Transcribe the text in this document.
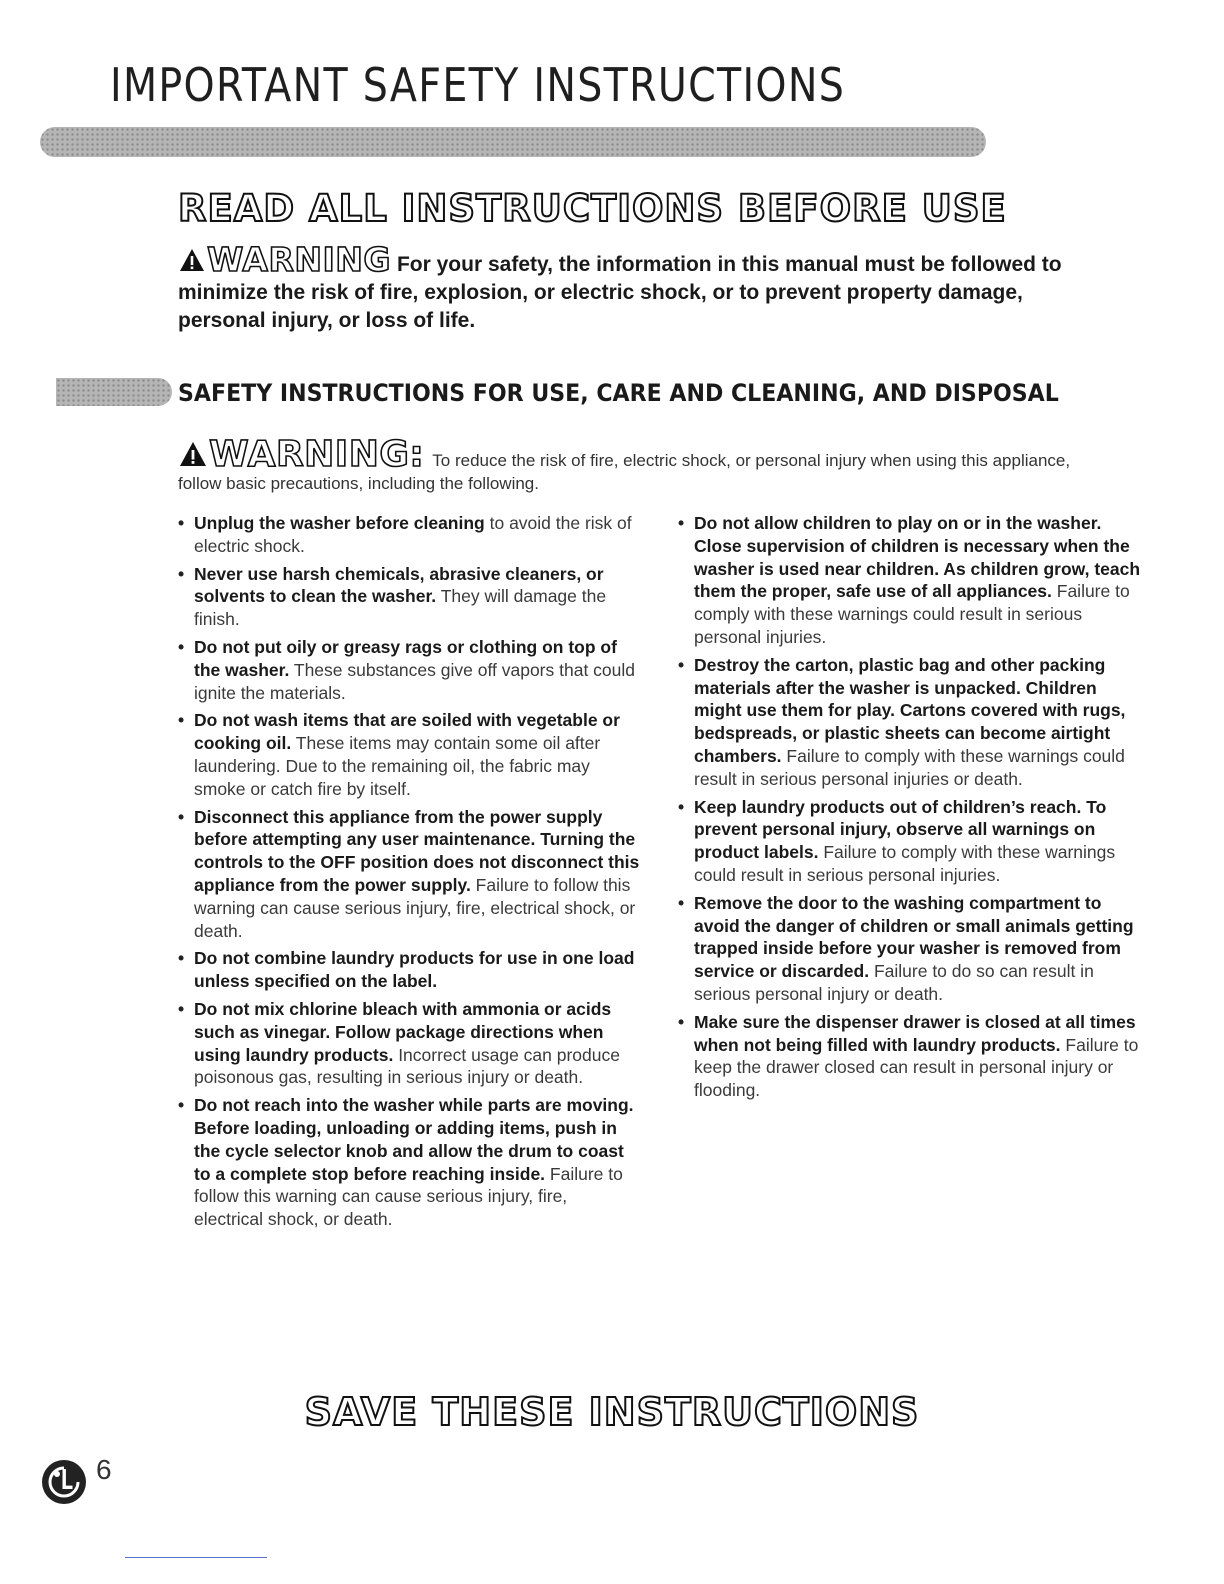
IMPORTANT SAFETY INSTRUCTIONS
READ ALL INSTRUCTIONS BEFORE USE

WARNING For your safety, the information in this manual must be followed to minimize the risk of fire, explosion, or electric shock, or to prevent property damage, personal injury, or loss of life.

SAFETY INSTRUCTIONS FOR USE, CARE AND CLEANING, AND DISPOSAL

WARNING: To reduce the risk of fire, electric shock, or personal injury when using this appliance, follow basic precautions, including the following.

• Unplug the washer before cleaning to avoid the risk of electric shock.
• Never use harsh chemicals, abrasive cleaners, or solvents to clean the washer. They will damage the finish.
• Do not put oily or greasy rags or clothing on top of the washer. These substances give off vapors that could ignite the materials.
• Do not wash items that are soiled with vegetable or cooking oil. These items may contain some oil after laundering. Due to the remaining oil, the fabric may smoke or catch fire by itself.
• Disconnect this appliance from the power supply before attempting any user maintenance. Turning the controls to the OFF position does not disconnect this appliance from the power supply. Failure to follow this warning can cause serious injury, fire, electrical shock, or death.
• Do not combine laundry products for use in one load unless specified on the label.
• Do not mix chlorine bleach with ammonia or acids such as vinegar. Follow package directions when using laundry products. Incorrect usage can produce poisonous gas, resulting in serious injury or death.
• Do not reach into the washer while parts are moving. Before loading, unloading or adding items, push in the cycle selector knob and allow the drum to coast to a complete stop before reaching inside. Failure to follow this warning can cause serious injury, fire, electrical shock, or death.
• Do not allow children to play on or in the washer. Close supervision of children is necessary when the washer is used near children. As children grow, teach them the proper, safe use of all appliances. Failure to comply with these warnings could result in serious personal injuries.
• Destroy the carton, plastic bag and other packing materials after the washer is unpacked. Children might use them for play. Cartons covered with rugs, bedspreads, or plastic sheets can become airtight chambers. Failure to comply with these warnings could result in serious personal injuries or death.
• Keep laundry products out of children’s reach. To prevent personal injury, observe all warnings on product labels. Failure to comply with these warnings could result in serious personal injuries.
• Remove the door to the washing compartment to avoid the danger of children or small animals getting trapped inside before your washer is removed from service or discarded. Failure to do so can result in serious personal injury or death.
• Make sure the dispenser drawer is closed at all times when not being filled with laundry products. Failure to keep the drawer closed can result in personal injury or flooding.
SAVE THESE INSTRUCTIONS
6
